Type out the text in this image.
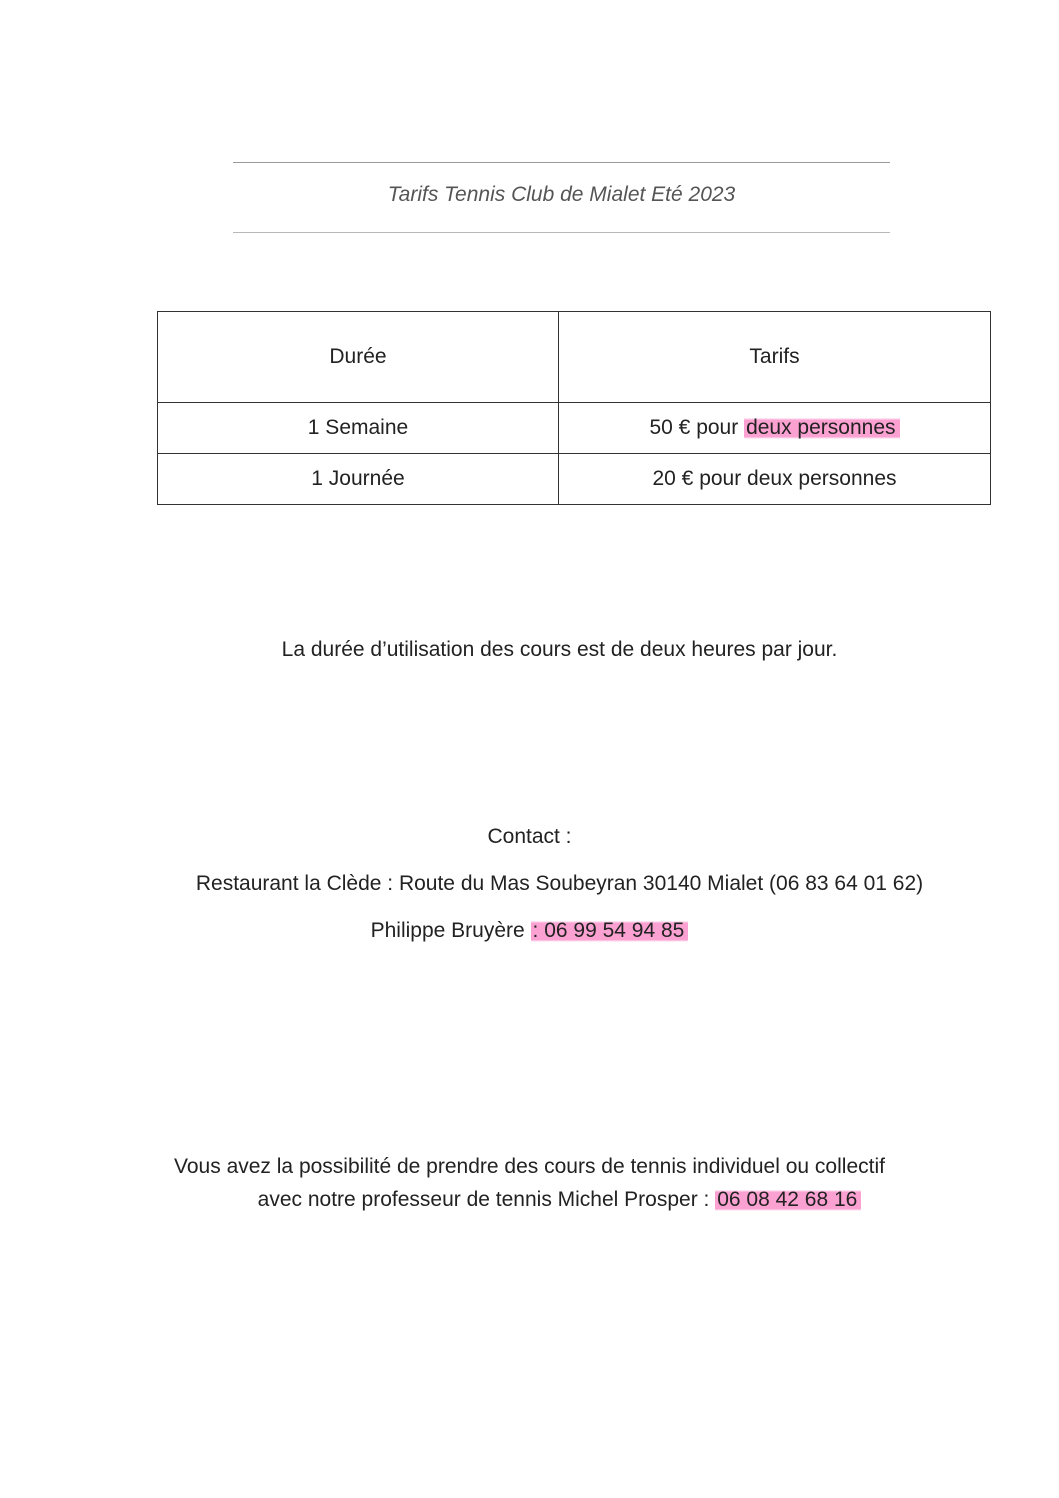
Tarifs Tennis Club de Mialet Eté 2023
Durée	Tarifs
1 Semaine	50 € pour deux personnes
1 Journée	20 € pour deux personnes
La durée d’utilisation des cours est de deux heures par jour.
Contact :
Restaurant la Clède : Route du Mas Soubeyran 30140 Mialet (06 83 64 01 62)
Philippe Bruyère : 06 99 54 94 85
Vous avez la possibilité de prendre des cours de tennis individuel ou collectif
avec notre professeur de tennis Michel Prosper : 06 08 42 68 16
